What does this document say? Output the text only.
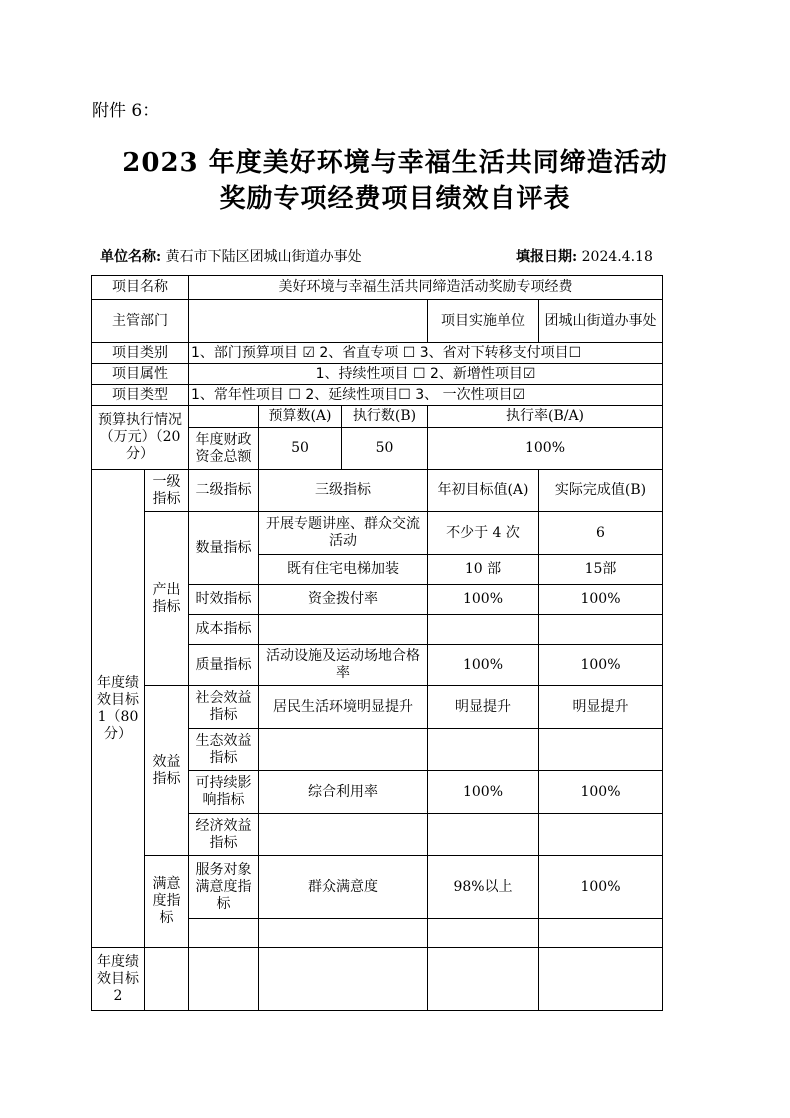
附件 6：
2023 年度美好环境与幸福生活共同缔造活动
奖励专项经费项目绩效自评表
单位名称: 黄石市下陆区团城山街道办事处	填报日期: 2024.4.18
项目名称		美好环境与幸福生活共同缔造活动奖励专项经费				
主管部门					项目实施单位	团城山街道办事处
项目类别		1、部门预算项目 ☑ 2、省直专项 ☐ 3、省对下转移支付项目☐				
项目属性		1、持续性项目 ☐ 2、新增性项目☑				
项目类型		1、常年性项目 ☐ 2、延续性项目☐ 3、 一次性项目☑				
预算执行情况（万元）（20分）			预算数(A)	执行数(B)	执行率(B/A)	
		年度财政资金总额	50	50	100%	
年度绩效目标1（80分）	一级指标	二级指标	三级指标		年初目标值(A)	实际完成值(B)
	产出指标	数量指标	开展专题讲座、群众交流活动		不少于 4 次	6
			既有住宅电梯加装		10 部	15部
		时效指标	资金拨付率		100%	100%
		成本指标				
		质量指标	活动设施及运动场地合格率		100%	100%
	效益指标	社会效益指标	居民生活环境明显提升		明显提升	明显提升
		生态效益指标				
		可持续影响指标	综合利用率		100%	100%
		经济效益指标				
	满意度指标	服务对象满意度指标	群众满意度		98%以上	100%

年度绩效目标2						
